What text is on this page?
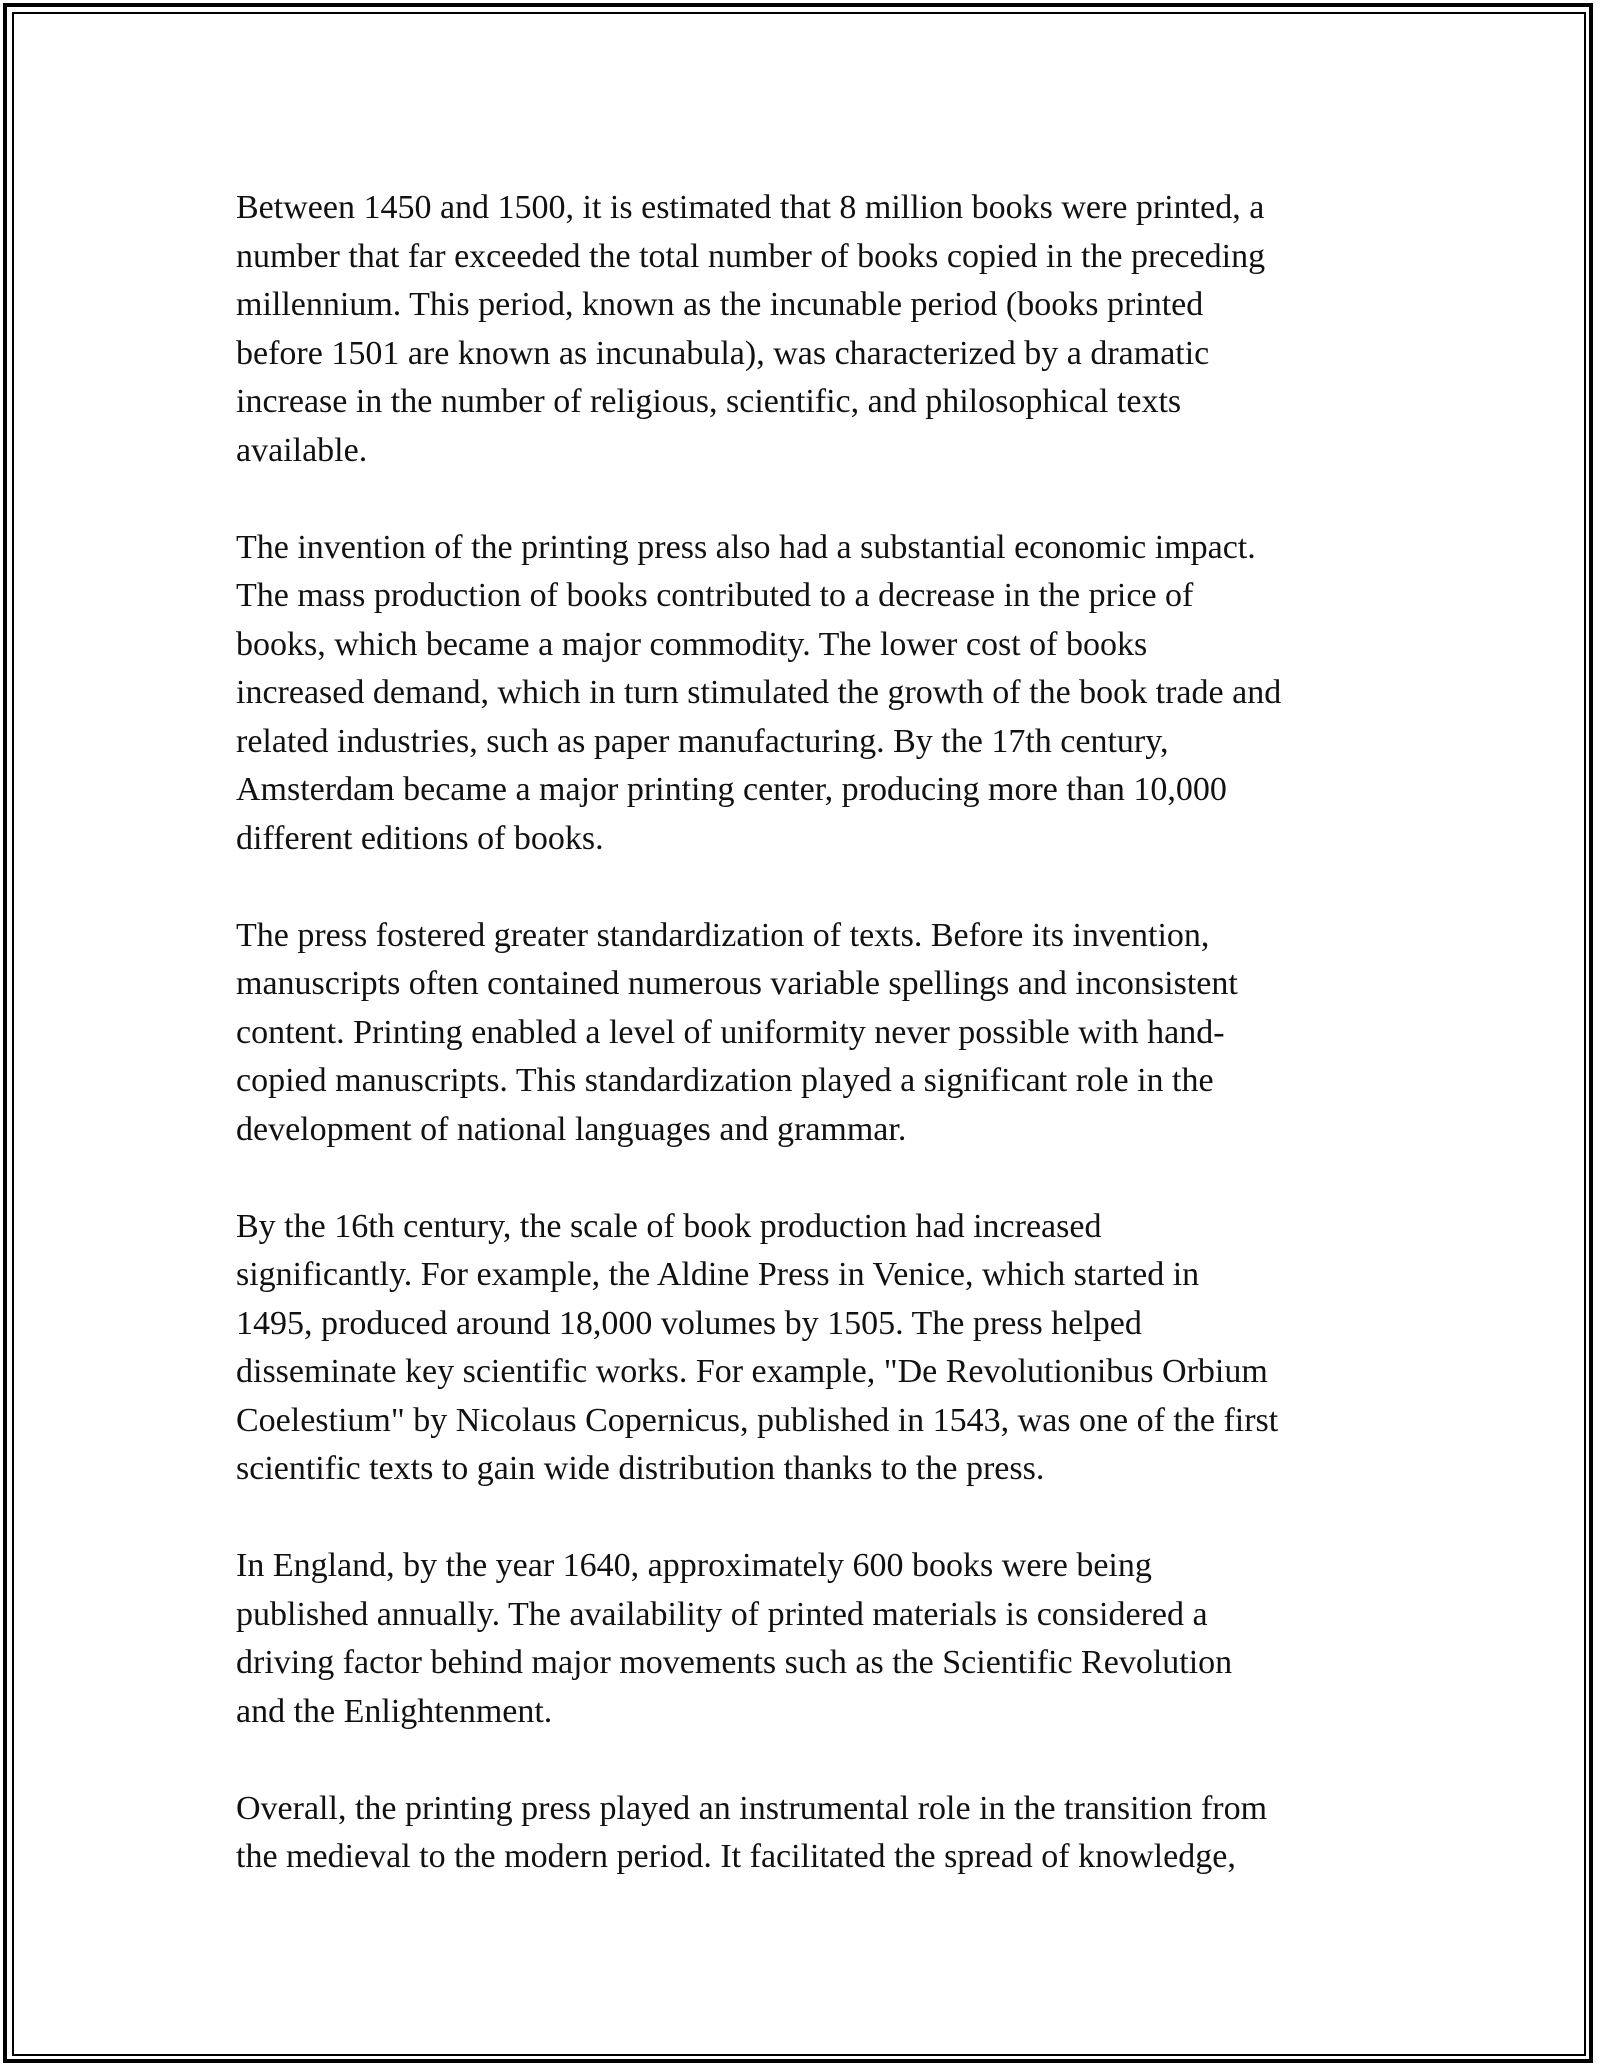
Between 1450 and 1500, it is estimated that 8 million books were printed, a
number that far exceeded the total number of books copied in the preceding
millennium. This period, known as the incunable period (books printed
before 1501 are known as incunabula), was characterized by a dramatic
increase in the number of religious, scientific, and philosophical texts
available.

The invention of the printing press also had a substantial economic impact.
The mass production of books contributed to a decrease in the price of
books, which became a major commodity. The lower cost of books
increased demand, which in turn stimulated the growth of the book trade and
related industries, such as paper manufacturing. By the 17th century,
Amsterdam became a major printing center, producing more than 10,000
different editions of books.

The press fostered greater standardization of texts. Before its invention,
manuscripts often contained numerous variable spellings and inconsistent
content. Printing enabled a level of uniformity never possible with hand-
copied manuscripts. This standardization played a significant role in the
development of national languages and grammar.

By the 16th century, the scale of book production had increased
significantly. For example, the Aldine Press in Venice, which started in
1495, produced around 18,000 volumes by 1505. The press helped
disseminate key scientific works. For example, "De Revolutionibus Orbium
Coelestium" by Nicolaus Copernicus, published in 1543, was one of the first
scientific texts to gain wide distribution thanks to the press.

In England, by the year 1640, approximately 600 books were being
published annually. The availability of printed materials is considered a
driving factor behind major movements such as the Scientific Revolution
and the Enlightenment.

Overall, the printing press played an instrumental role in the transition from
the medieval to the modern period. It facilitated the spread of knowledge,
